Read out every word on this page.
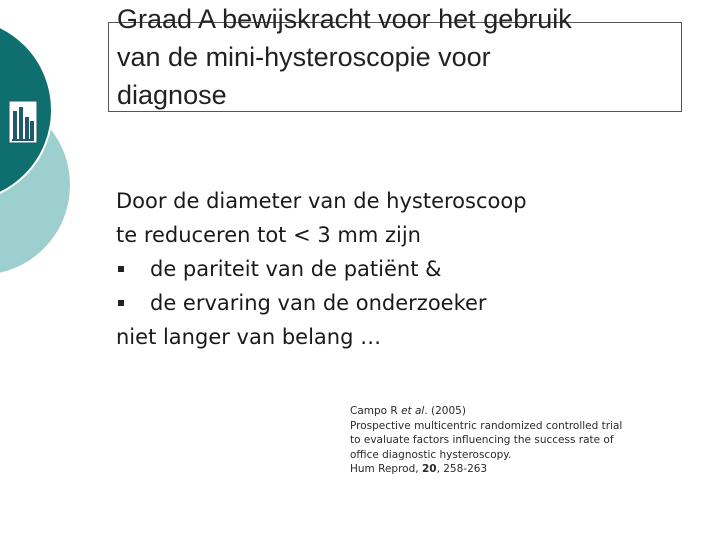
Graad A bewijskracht voor het gebruik
van de mini-hysteroscopie voor
diagnose
Door de diameter van de hysteroscoop
te reduceren tot < 3 mm zijn
de pariteit van de patiënt &
de ervaring van de onderzoeker
niet langer van belang …
Campo R et al. (2005)
Prospective multicentric randomized controlled trial
to evaluate factors influencing the success rate of
office diagnostic hysteroscopy.
Hum Reprod, 20, 258-263
